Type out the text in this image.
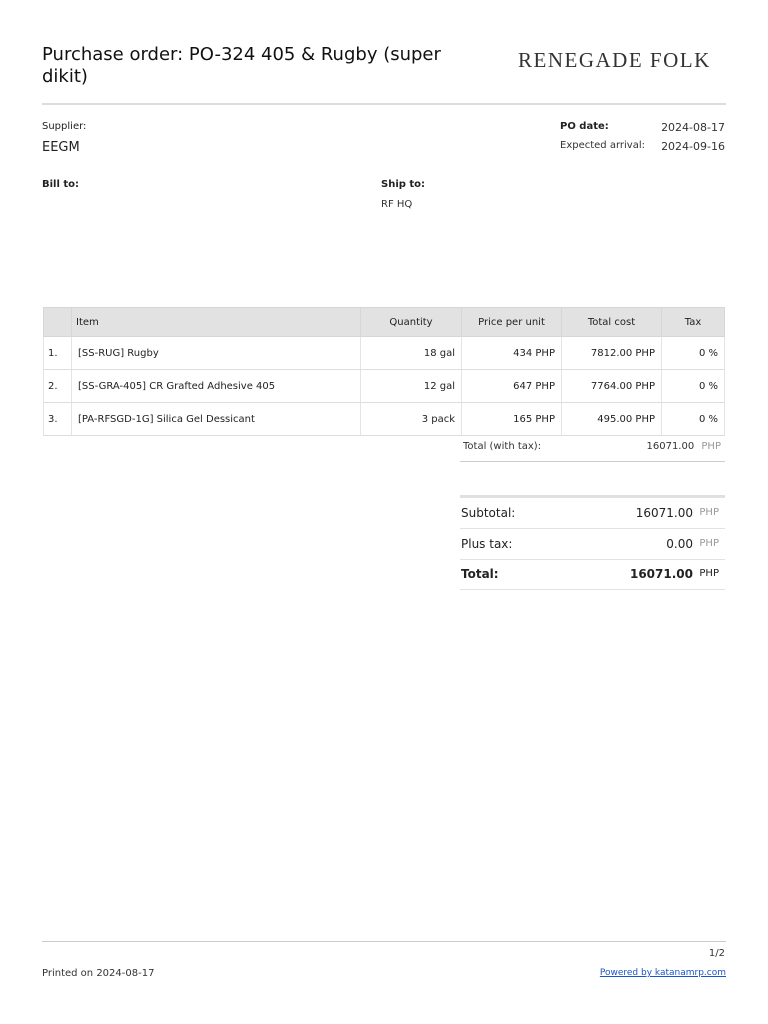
Purchase order: PO-324 405 & Rugby (super dikit)
RENEGADE FOLK
Supplier:
EEGM
PO date:	2024-08-17
Expected arrival: 2024-09-16
Bill to:	Ship to:
RF HQ
	Item	Quantity	Price per unit	Total cost	Tax
1.	[SS-RUG] Rugby	18 gal	434 PHP	7812.00 PHP	0 %
2.	[SS-GRA-405] CR Grafted Adhesive 405	12 gal	647 PHP	7764.00 PHP	0 %
3.	[PA-RFSGD-1G] Silica Gel Dessicant	3 pack	165 PHP	495.00 PHP	0 %
Total (with tax):	16071.00 PHP
Subtotal:	16071.00 PHP
Plus tax:	0.00 PHP
Total:	16071.00 PHP
1/2
Printed on 2024-08-17	Powered by katanamrp.com
